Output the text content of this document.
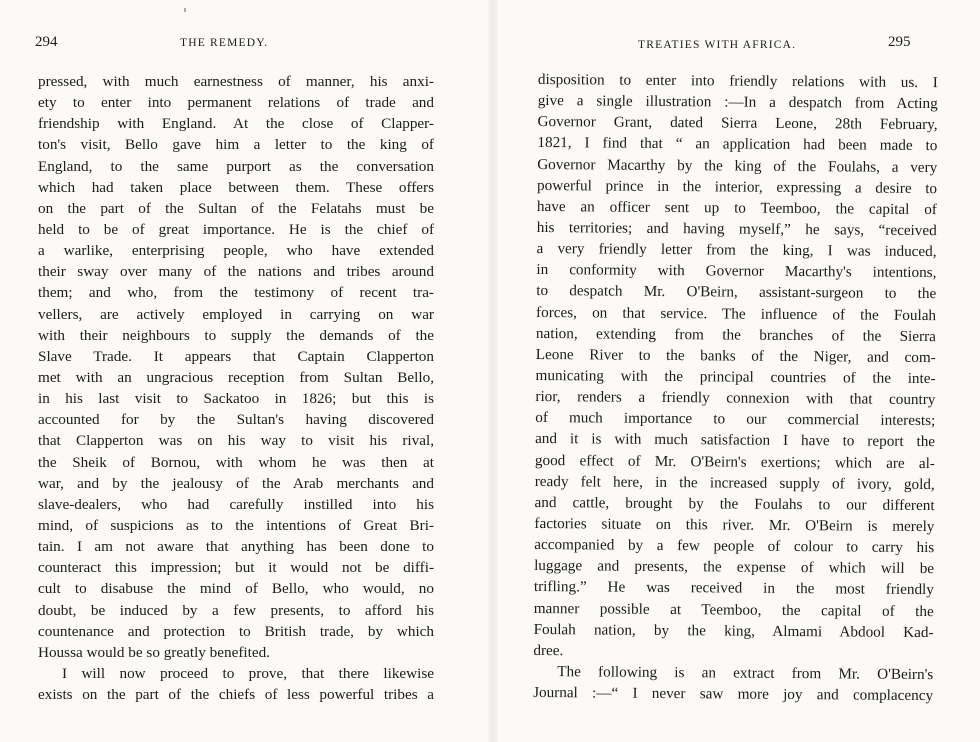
294	THE REMEDY.
pressed, with much earnestness of manner, his anxi-
ety to enter into permanent relations of trade and
friendship with England. At the close of Clapper-
ton's visit, Bello gave him a letter to the king of
England, to the same purport as the conversation
which had taken place between them. These offers
on the part of the Sultan of the Felatahs must be
held to be of great importance. He is the chief of
a warlike, enterprising people, who have extended
their sway over many of the nations and tribes around
them; and who, from the testimony of recent tra-
vellers, are actively employed in carrying on war
with their neighbours to supply the demands of the
Slave Trade. It appears that Captain Clapperton
met with an ungracious reception from Sultan Bello,
in his last visit to Sackatoo in 1826; but this is
accounted for by the Sultan's having discovered
that Clapperton was on his way to visit his rival,
the Sheik of Bornou, with whom he was then at
war, and by the jealousy of the Arab merchants and
slave-dealers, who had carefully instilled into his
mind, of suspicions as to the intentions of Great Bri-
tain. I am not aware that anything has been done to
counteract this impression; but it would not be diffi-
cult to disabuse the mind of Bello, who would, no
doubt, be induced by a few presents, to afford his
countenance and protection to British trade, by which
Houssa would be so greatly benefited.
I will now proceed to prove, that there likewise
exists on the part of the chiefs of less powerful tribes a
TREATIES WITH AFRICA.	295
disposition to enter into friendly relations with us. I
give a single illustration :—In a despatch from Acting
Governor Grant, dated Sierra Leone, 28th February,
1821, I find that “ an application had been made to
Governor Macarthy by the king of the Foulahs, a very
powerful prince in the interior, expressing a desire to
have an officer sent up to Teemboo, the capital of
his territories; and having myself,” he says, “received
a very friendly letter from the king, I was induced,
in conformity with Governor Macarthy's intentions,
to despatch Mr. O'Beirn, assistant-surgeon to the
forces, on that service. The influence of the Foulah
nation, extending from the branches of the Sierra
Leone River to the banks of the Niger, and com-
municating with the principal countries of the inte-
rior, renders a friendly connexion with that country
of much importance to our commercial interests;
and it is with much satisfaction I have to report the
good effect of Mr. O'Beirn's exertions; which are al-
ready felt here, in the increased supply of ivory, gold,
and cattle, brought by the Foulahs to our different
factories situate on this river. Mr. O'Beirn is merely
accompanied by a few people of colour to carry his
luggage and presents, the expense of which will be
trifling.” He was received in the most friendly
manner possible at Teemboo, the capital of the
Foulah nation, by the king, Almami Abdool Kad-
dree.
The following is an extract from Mr. O'Beirn's
Journal :—“ I never saw more joy and complacency
